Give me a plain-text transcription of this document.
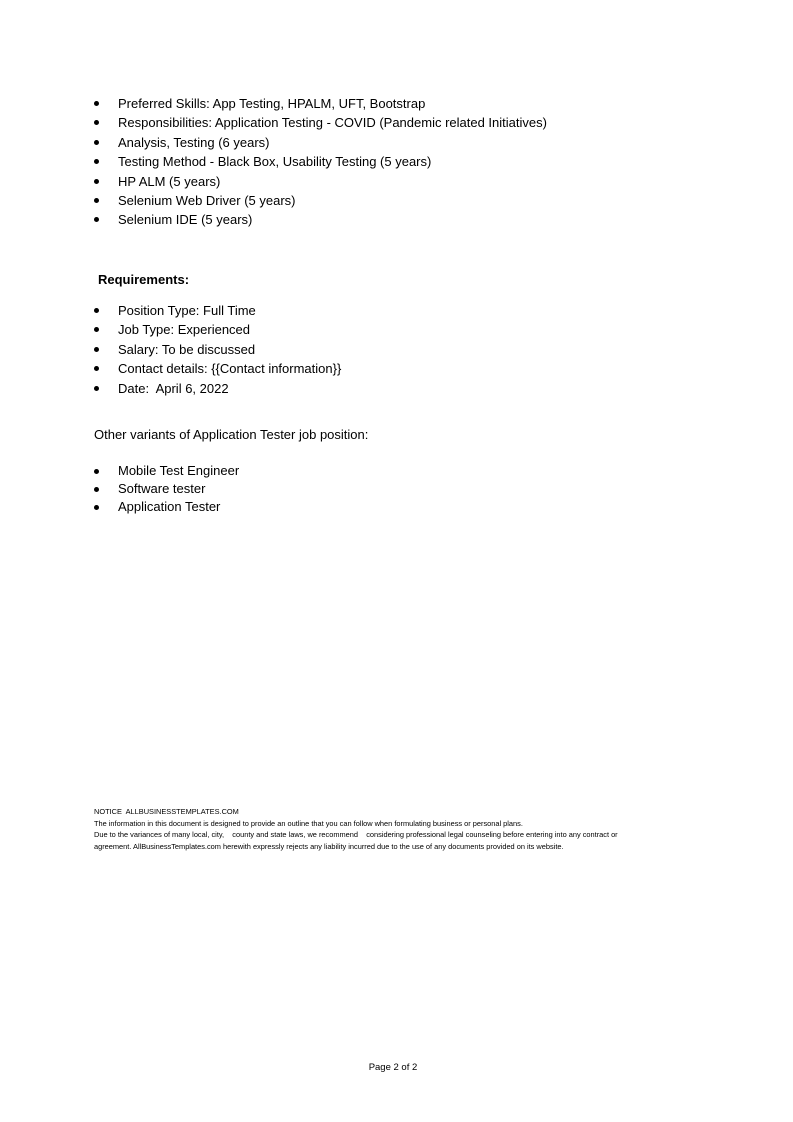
Preferred Skills: App Testing, HPALM, UFT, Bootstrap
Responsibilities: Application Testing - COVID (Pandemic related Initiatives)
Analysis, Testing (6 years)
Testing Method - Black Box, Usability Testing (5 years)
HP ALM (5 years)
Selenium Web Driver (5 years)
Selenium IDE (5 years)
Requirements:
Position Type: Full Time
Job Type: Experienced
Salary: To be discussed
Contact details: {{Contact information}}
Date:  April 6, 2022

Other variants of Application Tester job position:

Mobile Test Engineer
Software tester
Application Tester

NOTICE  ALLBUSINESSTEMPLATES.COM

The information in this document is designed to provide an outline that you can follow when formulating business or personal plans.

Due to the variances of many local, city,    county and state laws, we recommend    considering professional legal counseling before entering into any contract or

agreement. AllBusinessTemplates.com herewith expressly rejects any liability incurred due to the use of any documents provided on its website.

Page 2 of 2
